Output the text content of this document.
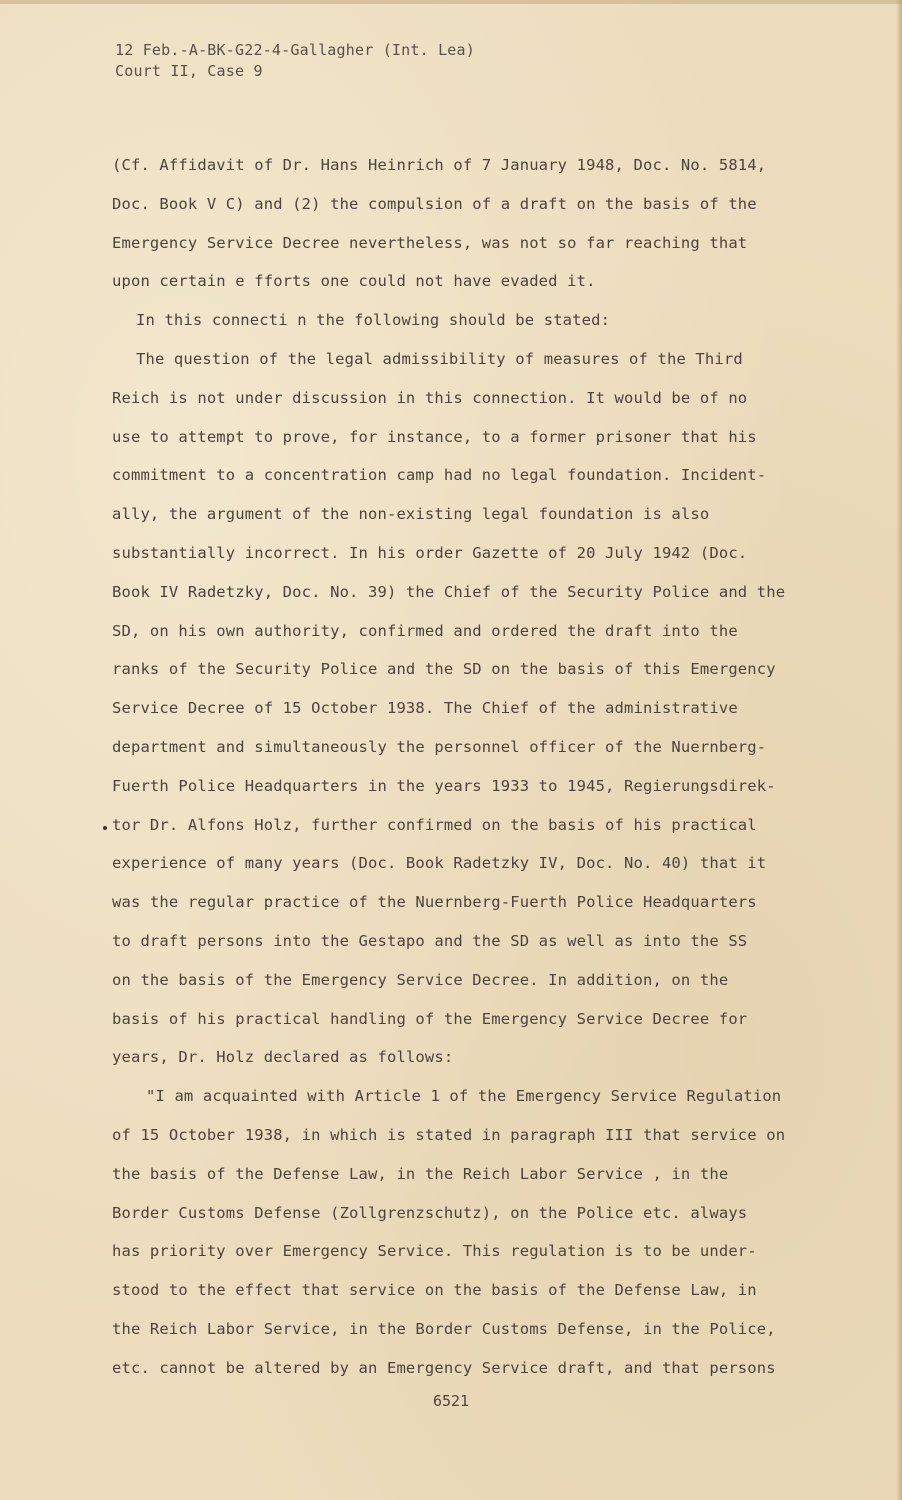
12 Feb.-A-BK-G22-4-Gallagher (Int. Lea)
Court II, Case 9
(Cf. Affidavit of Dr. Hans Heinrich of 7 January 1948, Doc. No. 5814,
Doc. Book V C) and (2) the compulsion of a draft on the basis of the
Emergency Service Decree nevertheless, was not so far reaching that
upon certain e fforts one could not have evaded it.
In this connecti n the following should be stated:
The question of the legal admissibility of measures of the Third
Reich is not under discussion in this connection. It would be of no
use to attempt to prove, for instance, to a former prisoner that his
commitment to a concentration camp had no legal foundation. Incident-
ally, the argument of the non-existing legal foundation is also
substantially incorrect. In his order Gazette of 20 July 1942 (Doc.
Book IV Radetzky, Doc. No. 39) the Chief of the Security Police and the
SD, on his own authority, confirmed and ordered the draft into the
ranks of the Security Police and the SD on the basis of this Emergency
Service Decree of 15 October 1938. The Chief of the administrative
department and simultaneously the personnel officer of the Nuernberg-
Fuerth Police Headquarters in the years 1933 to 1945, Regierungsdirek-
tor Dr. Alfons Holz, further confirmed on the basis of his practical
experience of many years (Doc. Book Radetzky IV, Doc. No. 40) that it
was the regular practice of the Nuernberg-Fuerth Police Headquarters
to draft persons into the Gestapo and the SD as well as into the SS
on the basis of the Emergency Service Decree. In addition, on the
basis of his practical handling of the Emergency Service Decree for
years, Dr. Holz declared as follows:
"I am acquainted with Article 1 of the Emergency Service Regulation
of 15 October 1938, in which is stated in paragraph III that service on
the basis of the Defense Law, in the Reich Labor Service , in the
Border Customs Defense (Zollgrenzschutz), on the Police etc. always
has priority over Emergency Service. This regulation is to be under-
stood to the effect that service on the basis of the Defense Law, in
the Reich Labor Service, in the Border Customs Defense, in the Police,
etc. cannot be altered by an Emergency Service draft, and that persons
6521
